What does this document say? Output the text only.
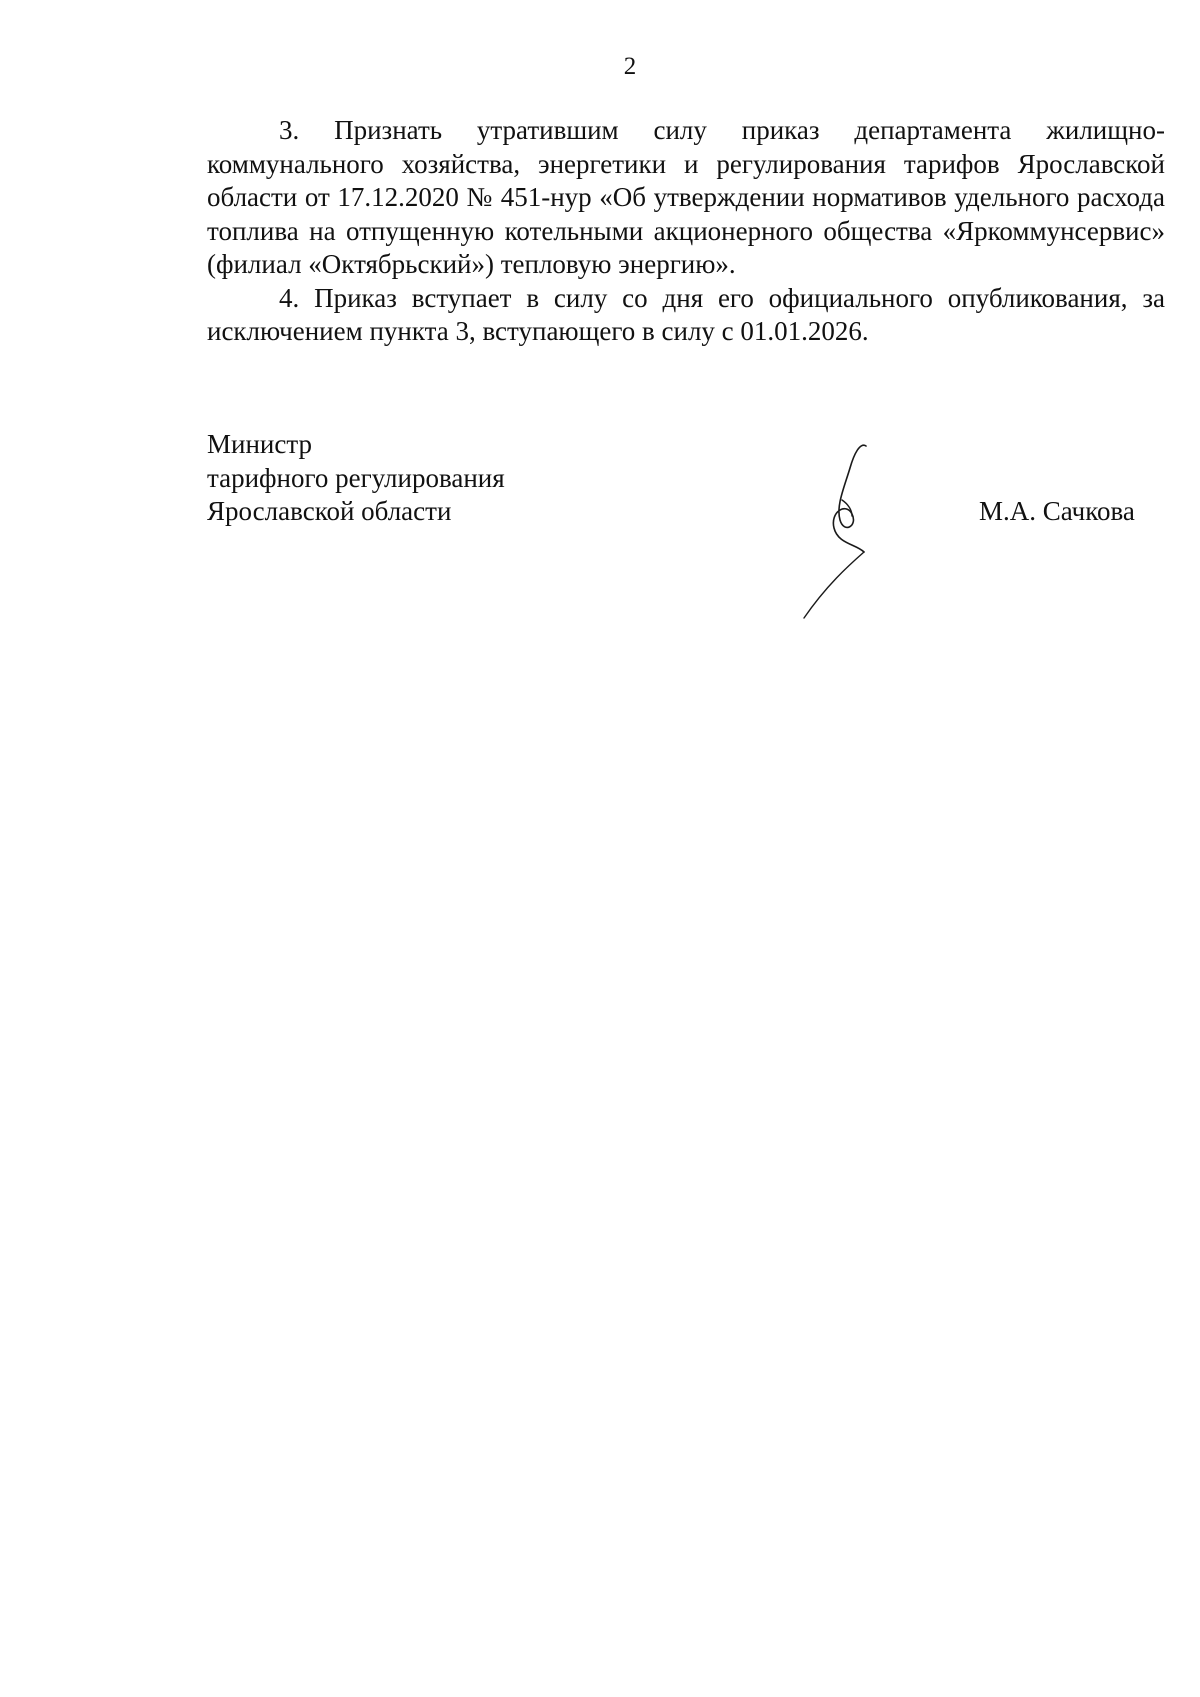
2

3. Признать утратившим силу приказ департамента жилищно-коммунального хозяйства, энергетики и регулирования тарифов Ярославской области от 17.12.2020 № 451-нур «Об утверждении нормативов удельного расхода топлива на отпущенную котельными акционерного общества «Яркоммунсервис» (филиал «Октябрьский») тепловую энергию».

4. Приказ вступает в силу со дня его официального опубликования, за исключением пункта 3, вступающего в силу с 01.01.2026.

Министр
тарифного регулирования
Ярославской области	М.А. Сачкова
